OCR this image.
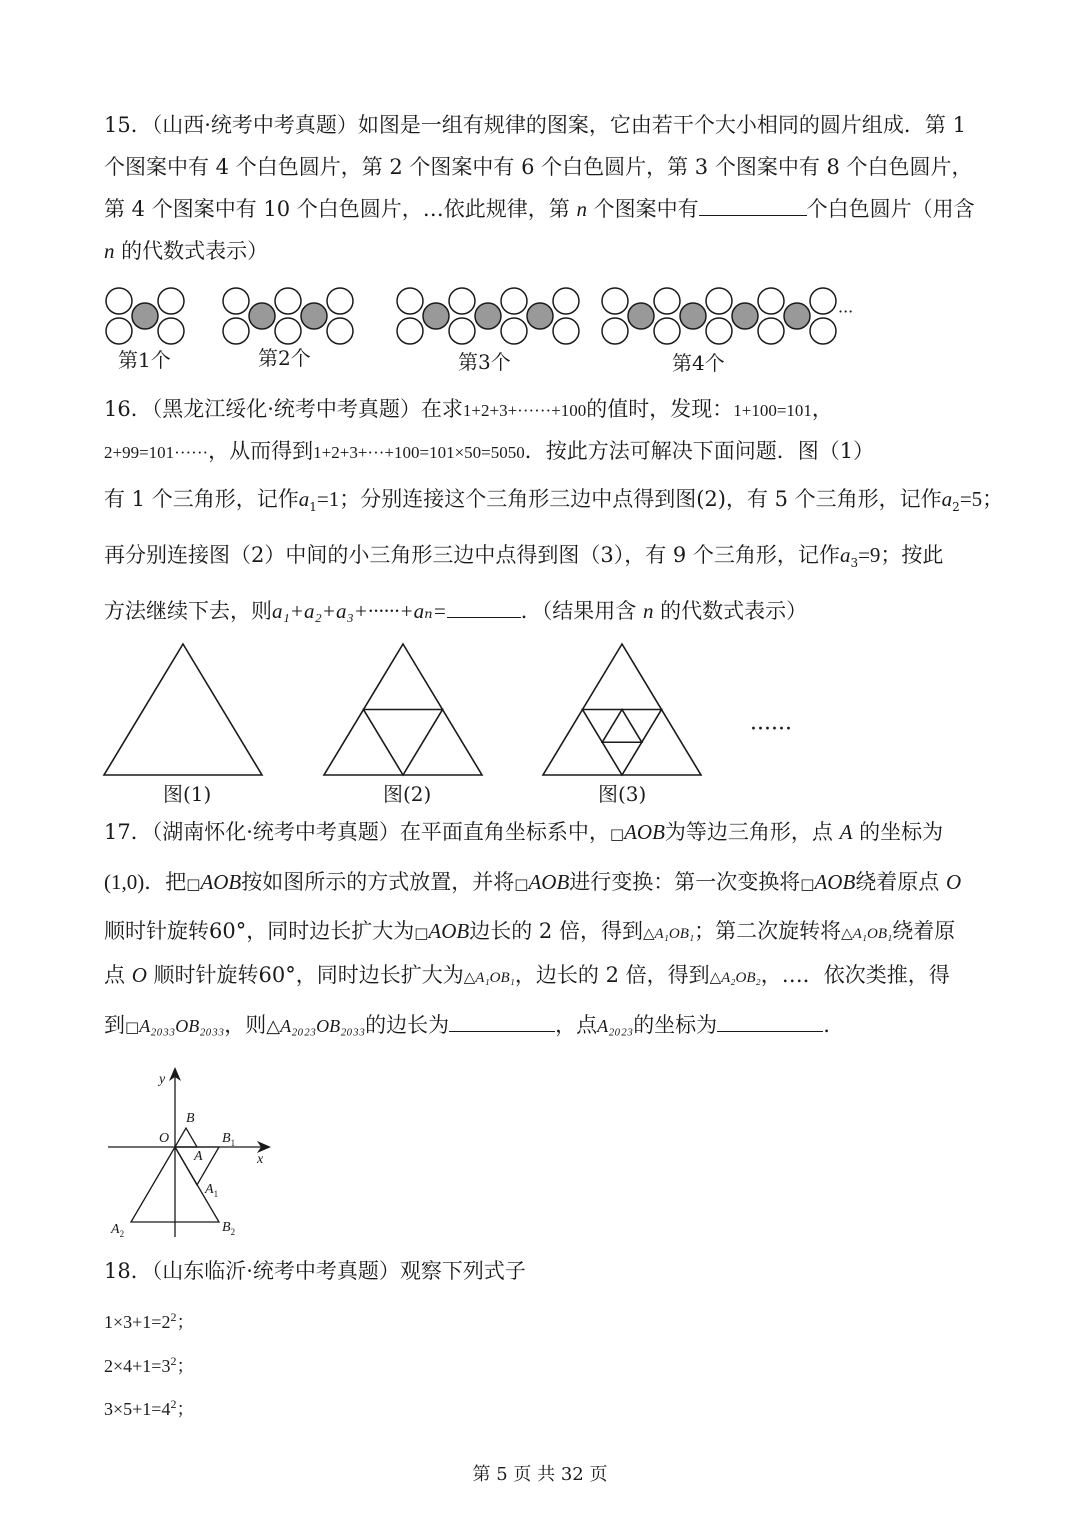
15．（山西·统考中考真题）如图是一组有规律的图案，它由若干个大小相同的圆片组成．第 1
个图案中有 4 个白色圆片，第 2 个图案中有 6 个白色圆片，第 3 个图案中有 8 个白色圆片，
第 4 个图案中有 10 个白色圆片，…依此规律，第 n 个图案中有	个白色圆片（用含
n 的代数式表示）
第1个	第2个	第3个	第4个
···
16．（黑龙江绥化·统考中考真题）在求1+2+3+······+100的值时，发现：1+100=101，
2+99=101······，从而得到1+2+3+···+100=101×50=5050．按此方法可解决下面问题．图（1）
有 1 个三角形，记作$a_1=1$；分别连接这个三角形三边中点得到图(2)，有 5 个三角形，记作$a_2=5$；
再分别连接图（2）中间的小三角形三边中点得到图（3），有 9 个三角形，记作$a_3=9$；按此
方法继续下去，则a₁+a₂+a₃+······+aₙ=	．（结果用含 n 的代数式表示）
······
图(1)	图(2)	图(3)
17．（湖南怀化·统考中考真题）在平面直角坐标系中，□AOB为等边三角形，点 A 的坐标为
(1,0)．把□AOB按如图所示的方式放置，并将□AOB进行变换：第一次变换将□AOB绕着原点 O
顺时针旋转60°，同时边长扩大为□AOB边长的 2 倍，得到△A₁OB₁；第二次旋转将△A₁OB₁绕着原
点 O 顺时针旋转60°，同时边长扩大为△A₁OB₁，边长的 2 倍，得到△A₂OB₂，…．依次类推，得
到□A₂₀₃₃OB₂₀₃₃，则△A₂₀₂₃OB₂₀₃₃的边长为	，点A₂₀₂₃的坐标为	.
y
x
O
B
A
$B_1$
$A_1$
$A_2$	$B_2$
18．（山东临沂·统考中考真题）观察下列式子
$1\times 3+1=2^2$；
$2\times 4+1=3^2$；
$3\times 5+1=4^2$；
第 5 页 共 32 页
